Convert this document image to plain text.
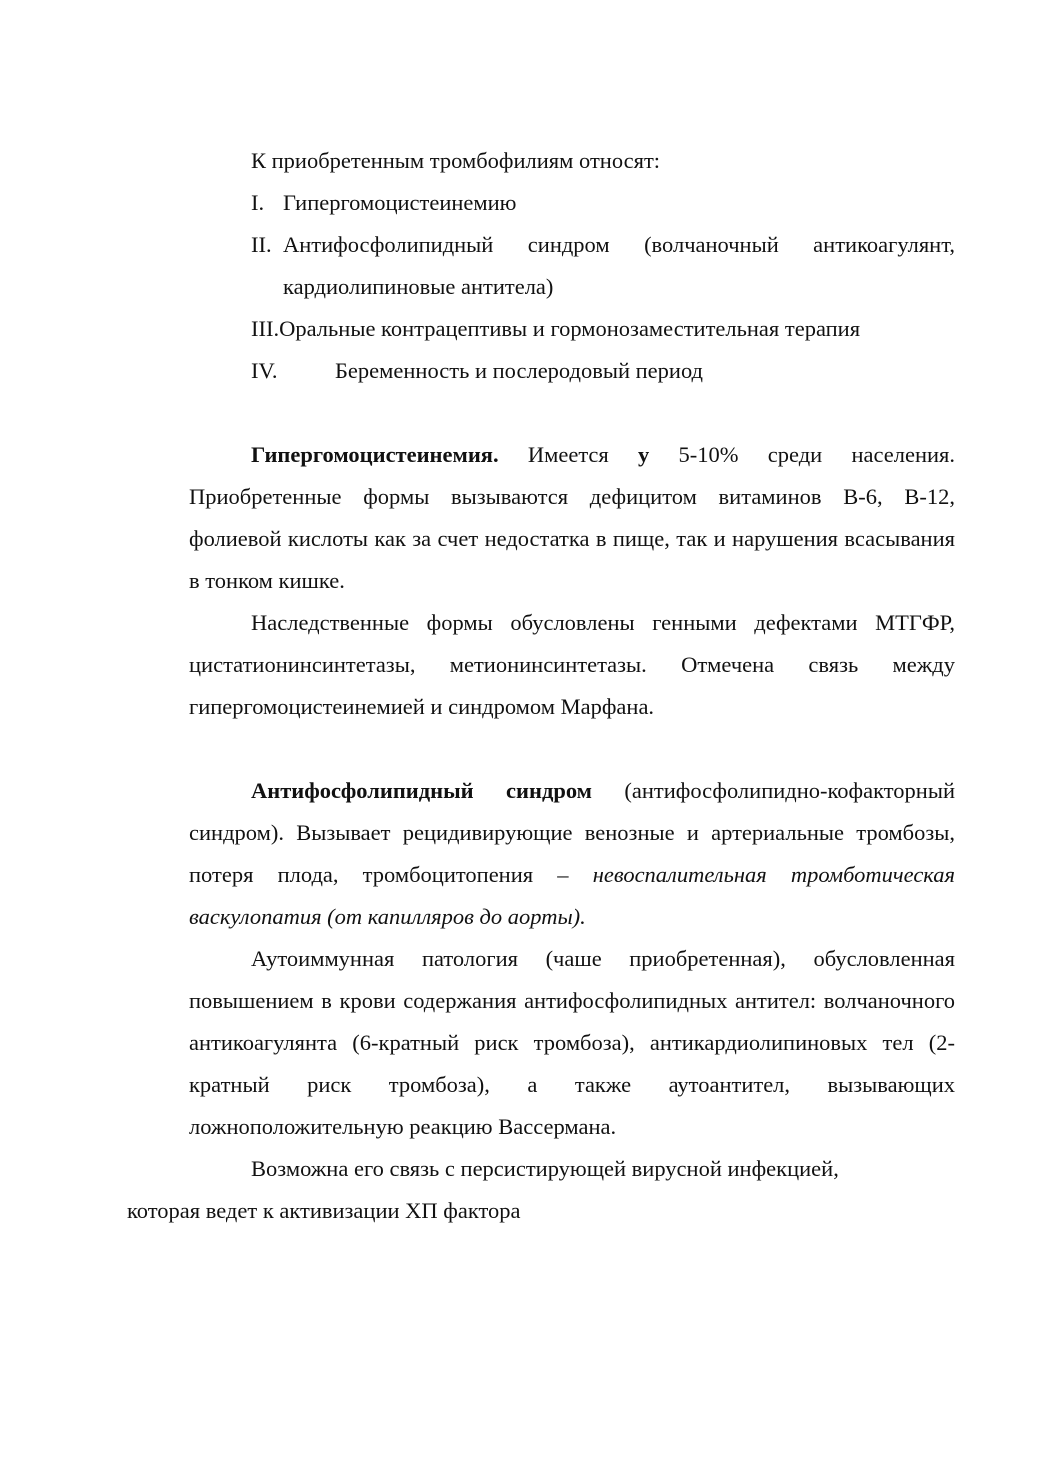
К приобретенным тромбофилиям относят:
I. Гипергомоцистеинемию
II. Антифосфолипидный синдром (волчаночный антикоагулянт, кардиолипиновые антитела)
III.Оральные контрацептивы и гормонозаместительная терапия
IV.	Беременность и послеродовый период

Гипергомоцистеинемия. Имеется у 5-10% среди населения. Приобретенные формы вызываются дефицитом витаминов В-6, В-12, фолиевой кислоты как за счет недостатка в пище, так и нарушения всасывания в тонком кишке.

Наследственные формы обусловлены генными дефектами МТГФР, цистатионинсинтетазы, метионинсинтетазы. Отмечена связь между гипергомоцистеинемией и синдромом Марфана.

Антифосфолипидный синдром (антифосфолипидно-кофакторный синдром). Вызывает рецидивирующие венозные и артериальные тромбозы, потеря плода, тромбоцитопения – невоспалительная тромботическая васкулопатия (от капилляров до аорты).

Аутоиммунная патология (чаше приобретенная), обусловленная повышением в крови содержания антифосфолипидных антител: волчаночного антикоагулянта (6-кратный риск тромбоза), антикардиолипиновых тел (2-кратный риск тромбоза), а также аутоантител, вызывающих ложноположительную реакцию Вассермана.

Возможна его связь с персистирующей вирусной инфекцией,
которая ведет к активизации ХП фактора
